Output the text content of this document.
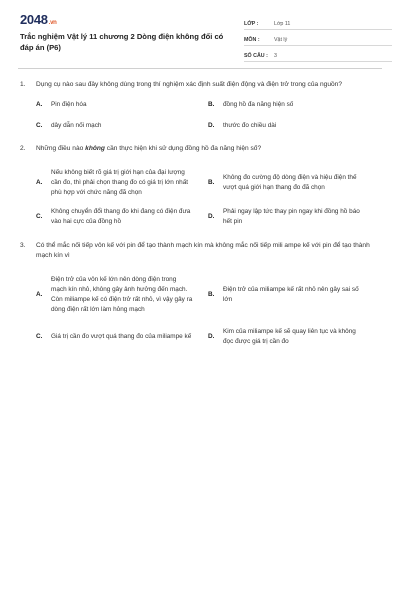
2048.vn
Trắc nghiệm Vật lý 11 chương 2 Dòng điện không đổi có đáp án (P6)
LỚP :	Lớp 11
MÔN :	Vật lý
SỐ CÂU :	3
1.	Dụng cụ nào sau đây không dùng trong thí nghiệm xác định suất điện động và điện trở trong của nguồn?
A.	Pin điện hóa	B.	đồng hồ đa năng hiện số
C.	dây dẫn nối mạch	D.	thước đo chiều dài
2.	Những điều nào không cần thực hiện khi sử dụng đồng hồ đa năng hiện số?
A.
Nếu không biết rõ giá trị giới hạn của đại lượng cần đo, thì phải chọn thang đo có giá trị lớn nhất phù hợp với chức năng đã chọn
B.
Không đo cường độ dòng điện và hiệu điện thế vượt quá giới hạn thang đo đã chọn
C.
Không chuyển đổi thang đo khi đang có điện đưa vào hai cực của đồng hồ
D.
Phải ngay lập tức thay pin ngay khi đồng hồ báo hết pin
3.	Có thể mắc nối tiếp vôn kế với pin để tạo thành mạch kín mà không mắc nối tiếp mili ampe kế với pin để tạo thành mạch kín vì
A.
Điện trở của vôn kế lớn nên dòng điện trong mạch kín nhỏ, không gây ảnh hưởng đến mạch. Còn miliampe kế có điện trở rất nhỏ, vì vậy gây ra dòng điện rất lớn làm hỏng mạch
B.
Điện trở của miliampe kế rất nhỏ nên gây sai số lớn
C.	Giá trị cần đo vượt quá thang đo của miliampe kế	D.
Kim của miliampe kế sẽ quay liên tục và không đọc được giá trị cần đo
